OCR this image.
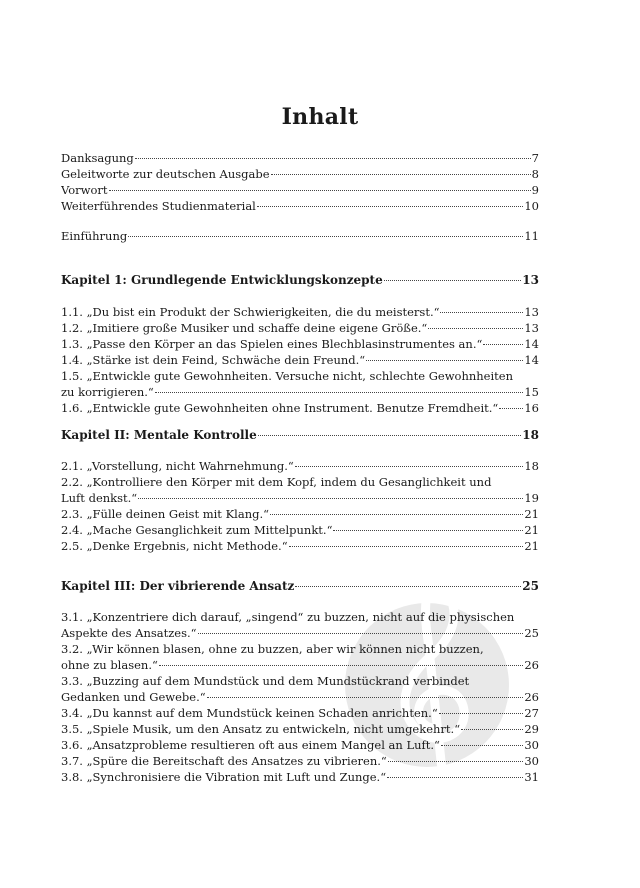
Inhalt
Danksagung	7
Geleitworte zur deutschen Ausgabe	8
Vorwort	9
Weiterführendes Studienmaterial	10
Einführung	11
Kapitel 1: Grundlegende Entwicklungskonzepte	13
1.1. „Du bist ein Produkt der Schwierigkeiten, die du meisterst.“	13
1.2. „Imitiere große Musiker und schaffe deine eigene Größe.“	13
1.3. „Passe den Körper an das Spielen eines Blechblasinstrumentes an.“	14
1.4. „Stärke ist dein Feind, Schwäche dein Freund.“	14
1.5. „Entwickle gute Gewohnheiten. Versuche nicht, schlechte Gewohnheiten
zu korrigieren.“	15
1.6. „Entwickle gute Gewohnheiten ohne Instrument. Benutze Fremdheit.“ 16
Kapitel II: Mentale Kontrolle	18
2.1. „Vorstellung, nicht Wahrnehmung.“	18
2.2. „Kontrolliere den Körper mit dem Kopf, indem du Gesanglichkeit und
Luft denkst.“	19
2.3. „Fülle deinen Geist mit Klang.“	21
2.4. „Mache Gesanglichkeit zum Mittelpunkt.“	21
2.5. „Denke Ergebnis, nicht Methode.“	21
Kapitel III: Der vibrierende Ansatz	25
3.1. „Konzentriere dich darauf, „singend“ zu buzzen, nicht auf die physischen
Aspekte des Ansatzes.“	25
3.2. „Wir können blasen, ohne zu buzzen, aber wir können nicht buzzen,
ohne zu blasen.“	26
3.3. „Buzzing auf dem Mundstück und dem Mundstückrand verbindet
Gedanken und Gewebe.“	26
3.4. „Du kannst auf dem Mundstück keinen Schaden anrichten.“	27
3.5. „Spiele Musik, um den Ansatz zu entwickeln, nicht umgekehrt.“	29
3.6. „Ansatzprobleme resultieren oft aus einem Mangel an Luft.“	30
3.7. „Spüre die Bereitschaft des Ansatzes zu vibrieren.“	30
3.8. „Synchronisiere die Vibration mit Luft und Zunge.“	31
